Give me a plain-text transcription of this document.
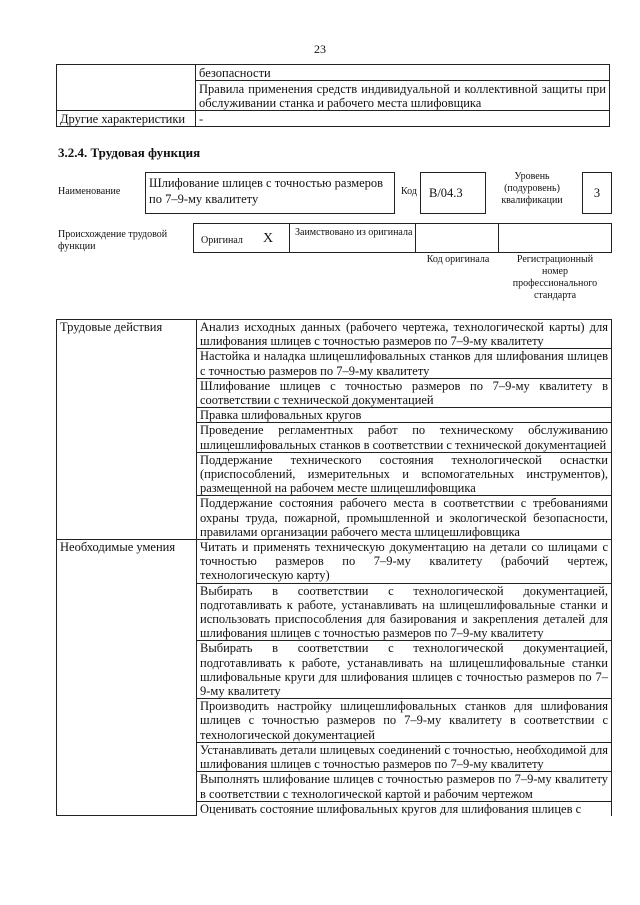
23
	безопасности
	Правила применения средств индивидуальной и коллективной защиты при обслуживании станка и рабочего места шлифовщика
Другие характеристики	-
3.2.4. Трудовая функция
Наименование
Шлифование шлицев с точностью размеров по 7–9-му квалитету
Код B/04.3
Уровень (подуровень) квалификации
3
Происхождение трудовой функции
Оригинал X Заимствовано из оригинала
Код оригинала	Регистрационный номер профессионального стандарта
Трудовые действия	Анализ исходных данных (рабочего чертежа, технологической карты) для шлифования шлицев с точностью размеров по 7–9-му квалитету
	Настойка и наладка шлицешлифовальных станков для шлифования шлицев с точностью размеров по 7–9-му квалитету
	Шлифование шлицев с точностью размеров по 7–9-му квалитету в соответствии с технической документацией
	Правка шлифовальных кругов
	Проведение регламентных работ по техническому обслуживанию шлицешлифовальных станков в соответствии с технической документацией
	Поддержание технического состояния технологической оснастки (приспособлений, измерительных и вспомогательных инструментов), размещенной на рабочем месте шлицешлифовщика
	Поддержание состояния рабочего места в соответствии с требованиями охраны труда, пожарной, промышленной и экологической безопасности, правилами организации рабочего места шлицешлифовщика
Необходимые умения	Читать и применять техническую документацию на детали со шлицами с точностью размеров по 7–9-му квалитету (рабочий чертеж, технологическую карту)
	Выбирать в соответствии с технологической документацией, подготавливать к работе, устанавливать на шлицешлифовальные станки и использовать приспособления для базирования и закрепления деталей для шлифования шлицев с точностью размеров по 7–9-му квалитету
	Выбирать в соответствии с технологической документацией, подготавливать к работе, устанавливать на шлицешлифовальные станки шлифовальные круги для шлифования шлицев с точностью размеров по 7–9-му квалитету
	Производить настройку шлицешлифовальных станков для шлифования шлицев с точностью размеров по 7–9-му квалитету в соответствии с технологической документацией
	Устанавливать детали шлицевых соединений с точностью, необходимой для шлифования шлицев с точностью размеров по 7–9-му квалитету
	Выполнять шлифование шлицев с точностью размеров по 7–9-му квалитету в соответствии с технологической картой и рабочим чертежом
	Оценивать состояние шлифовальных кругов для шлифования шлицев с
